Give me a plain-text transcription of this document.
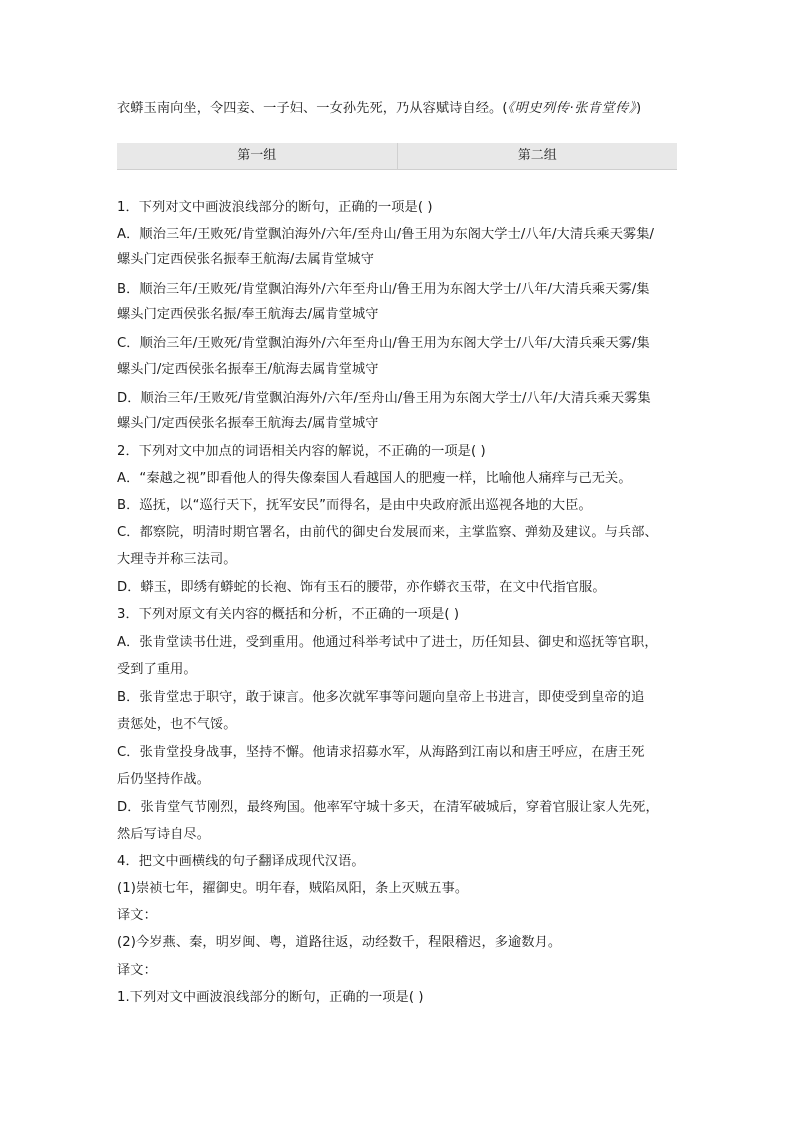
衣蟒玉南向坐，令四妾、一子妇、一女孙先死，乃从容赋诗自经。(《明史列传·张肯堂传》)
第一组	第二组
1．下列对文中画波浪线部分的断句，正确的一项是( )
A．顺治三年/王败死/肯堂飘泊海外/六年/至舟山/鲁王用为东阁大学士/八年/大清兵乘天雾集/
螺头门定西侯张名振奉王航海/去属肯堂城守
B．顺治三年/王败死/肯堂飘泊海外/六年至舟山/鲁王用为东阁大学士/八年/大清兵乘天雾/集
螺头门定西侯张名振/奉王航海去/属肯堂城守
C．顺治三年/王败死/肯堂飘泊海外/六年至舟山/鲁王用为东阁大学士/八年/大清兵乘天雾/集
螺头门/定西侯张名振奉王/航海去属肯堂城守
D．顺治三年/王败死/肯堂飘泊海外/六年/至舟山/鲁王用为东阁大学士/八年/大清兵乘天雾集
螺头门/定西侯张名振奉王航海去/属肯堂城守
2．下列对文中加点的词语相关内容的解说，不正确的一项是( )
A．“秦越之视”即看他人的得失像秦国人看越国人的肥瘦一样，比喻他人痛痒与己无关。
B．巡抚，以“巡行天下，抚军安民”而得名，是由中央政府派出巡视各地的大臣。
C．都察院，明清时期官署名，由前代的御史台发展而来，主掌监察、弹劾及建议。与兵部、
大理寺并称三法司。
D．蟒玉，即绣有蟒蛇的长袍、饰有玉石的腰带，亦作蟒衣玉带，在文中代指官服。
3．下列对原文有关内容的概括和分析，不正确的一项是( )
A．张肯堂读书仕进，受到重用。他通过科举考试中了进士，历任知县、御史和巡抚等官职，
受到了重用。
B．张肯堂忠于职守，敢于谏言。他多次就军事等问题向皇帝上书进言，即使受到皇帝的追
责惩处，也不气馁。
C．张肯堂投身战事，坚持不懈。他请求招募水军，从海路到江南以和唐王呼应，在唐王死
后仍坚持作战。
D．张肯堂气节刚烈，最终殉国。他率军守城十多天，在清军破城后，穿着官服让家人先死，
然后写诗自尽。
4．把文中画横线的句子翻译成现代汉语。
(1)崇祯七年，擢御史。明年春，贼陷凤阳，条上灭贼五事。
译文：
(2)今岁燕、秦，明岁闽、粤，道路往返，动经数千，程限稽迟，多逾数月。
译文：
1.下列对文中画波浪线部分的断句，正确的一项是( )
